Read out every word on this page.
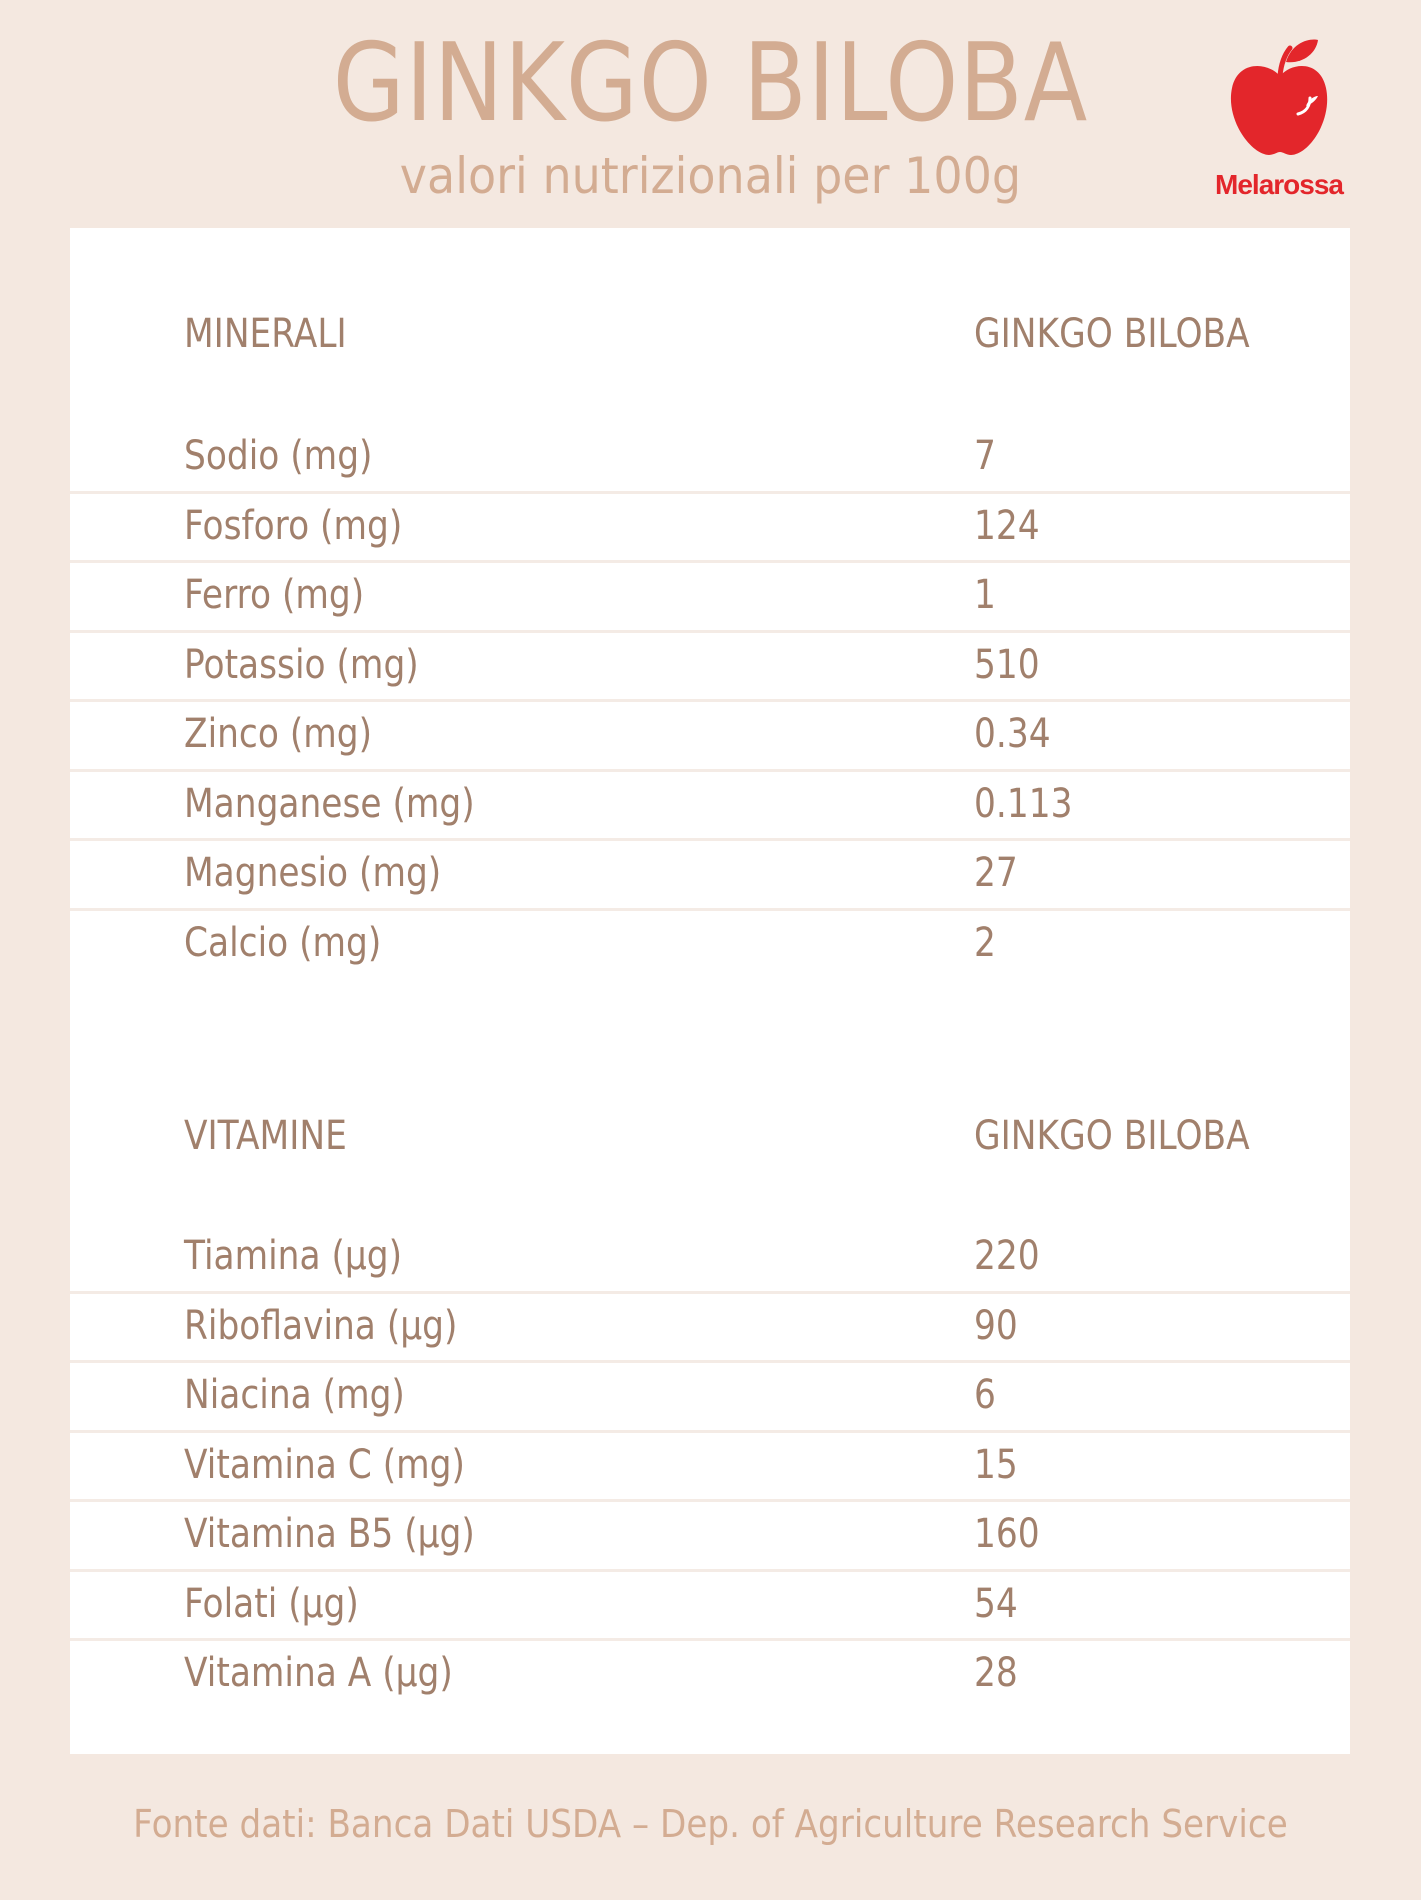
GINKGO BILOBA
valori nutrizionali per 100g	Melarossa
MINERALI	GINKGO BILOBA
Sodio (mg)	7
Fosforo (mg)	124
Ferro (mg)	1
Potassio (mg)	510
Zinco (mg)	0.34
Manganese (mg)	0.113
Magnesio (mg)	27
Calcio (mg)	2
VITAMINE	GINKGO BILOBA
Tiamina (µg)	220
Riboflavina (µg)	90
Niacina (mg)	6
Vitamina C (mg)	15
Vitamina B5 (µg)	160
Folati (µg)	54
Vitamina A (µg)	28
Fonte dati: Banca Dati USDA – Dep. of Agriculture Research Service
